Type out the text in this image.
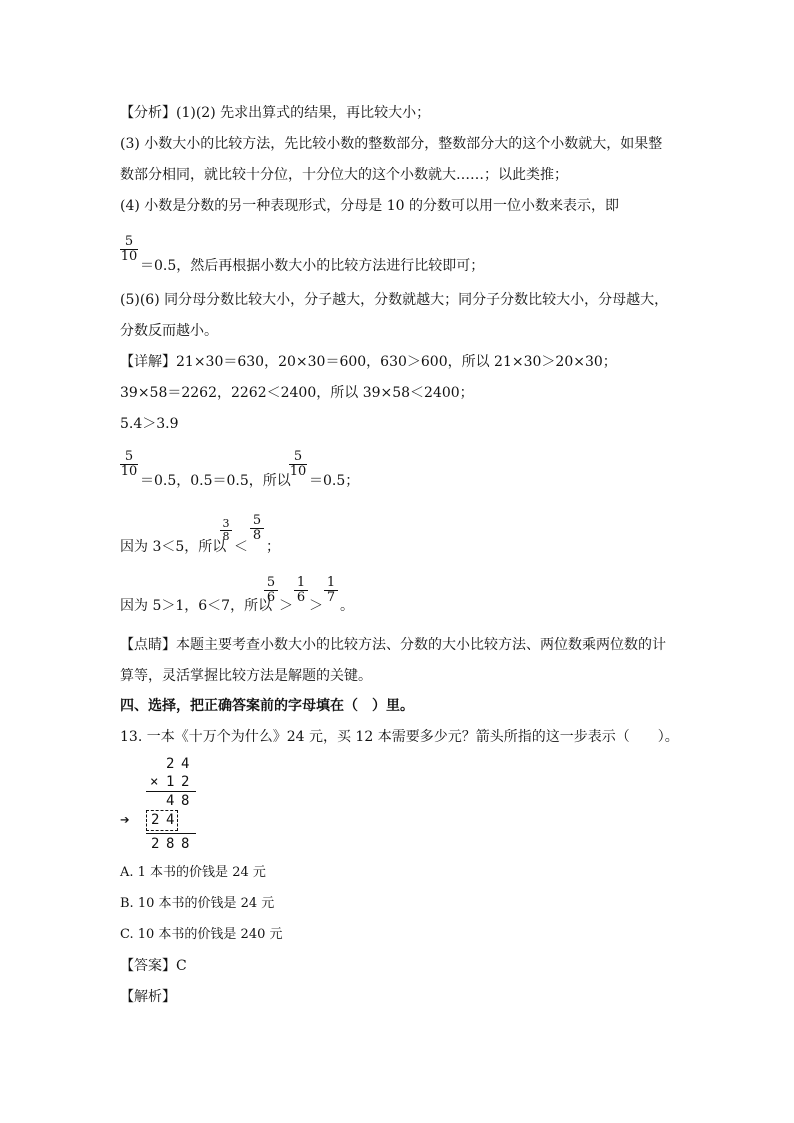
【分析】(1)(2) 先求出算式的结果，再比较大小；
(3) 小数大小的比较方法，先比较小数的整数部分，整数部分大的这个小数就大，如果整
数部分相同，就比较十分位，十分位大的这个小数就大……；以此类推；
(4) 小数是分数的另一种表现形式，分母是 10 的分数可以用一位小数来表示，即
5
10
＝0.5，然后再根据小数大小的比较方法进行比较即可；
(5)(6) 同分母分数比较大小，分子越大，分数就越大；同分子分数比较大小，分母越大，
分数反而越小。
【详解】21×30＝630，20×30＝600，630＞600，所以 21×30＞20×30；
39×58＝2262，2262＜2400，所以 39×58＜2400；
5.4＞3.9
5
10
＝0.5，0.5＝0.5，所以
5
10
＝0.5；
因为 3＜5，所以
3
8
＜
5
8
；
因为 5＞1，6＜7，所以
5
6
＞
1
6
＞
1
7
。
【点睛】本题主要考查小数大小的比较方法、分数的大小比较方法、两位数乘两位数的计
算等，灵活掌握比较方法是解题的关键。
四、选择，把正确答案前的字母填在（　）里。
13. 一本《十万个为什么》24 元，买 12 本需要多少元？箭头所指的这一步表示（　　）。
2 4
× 1 2
4 8
➔ 2 4
2 8 8
A. 1 本书的价钱是 24 元
B. 10 本书的价钱是 24 元
C. 10 本书的价钱是 240 元
【答案】C
【解析】
